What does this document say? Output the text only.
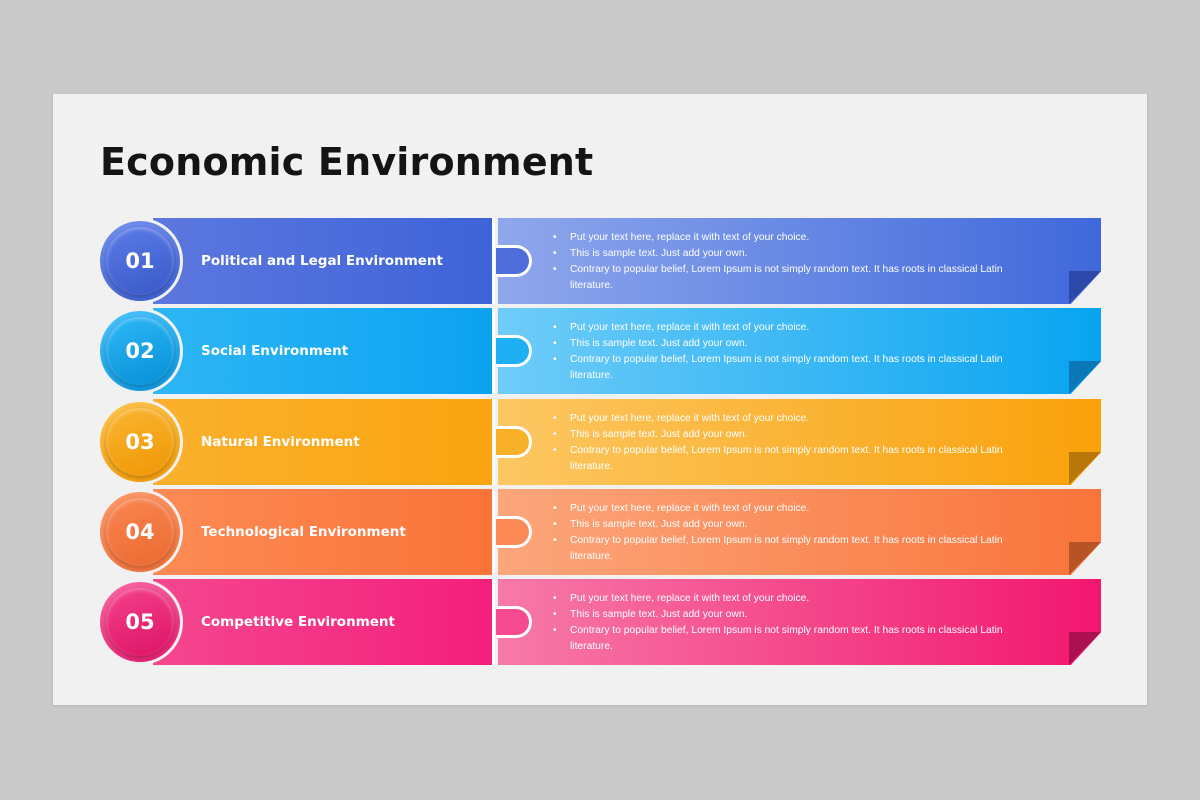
Economic Environment
01	Political and Legal Environment
• Put your text here, replace it with text of your choice.
• This is sample text. Just add your own.
• Contrary to popular belief, Lorem Ipsum is not simply random text. It has roots in classical Latin literature.
02	Social Environment
• Put your text here, replace it with text of your choice.
• This is sample text. Just add your own.
• Contrary to popular belief, Lorem Ipsum is not simply random text. It has roots in classical Latin literature.
03	Natural Environment
• Put your text here, replace it with text of your choice.
• This is sample text. Just add your own.
• Contrary to popular belief, Lorem Ipsum is not simply random text. It has roots in classical Latin literature.
04	Technological Environment
• Put your text here, replace it with text of your choice.
• This is sample text. Just add your own.
• Contrary to popular belief, Lorem Ipsum is not simply random text. It has roots in classical Latin literature.
05	Competitive Environment
• Put your text here, replace it with text of your choice.
• This is sample text. Just add your own.
• Contrary to popular belief, Lorem Ipsum is not simply random text. It has roots in classical Latin literature.
